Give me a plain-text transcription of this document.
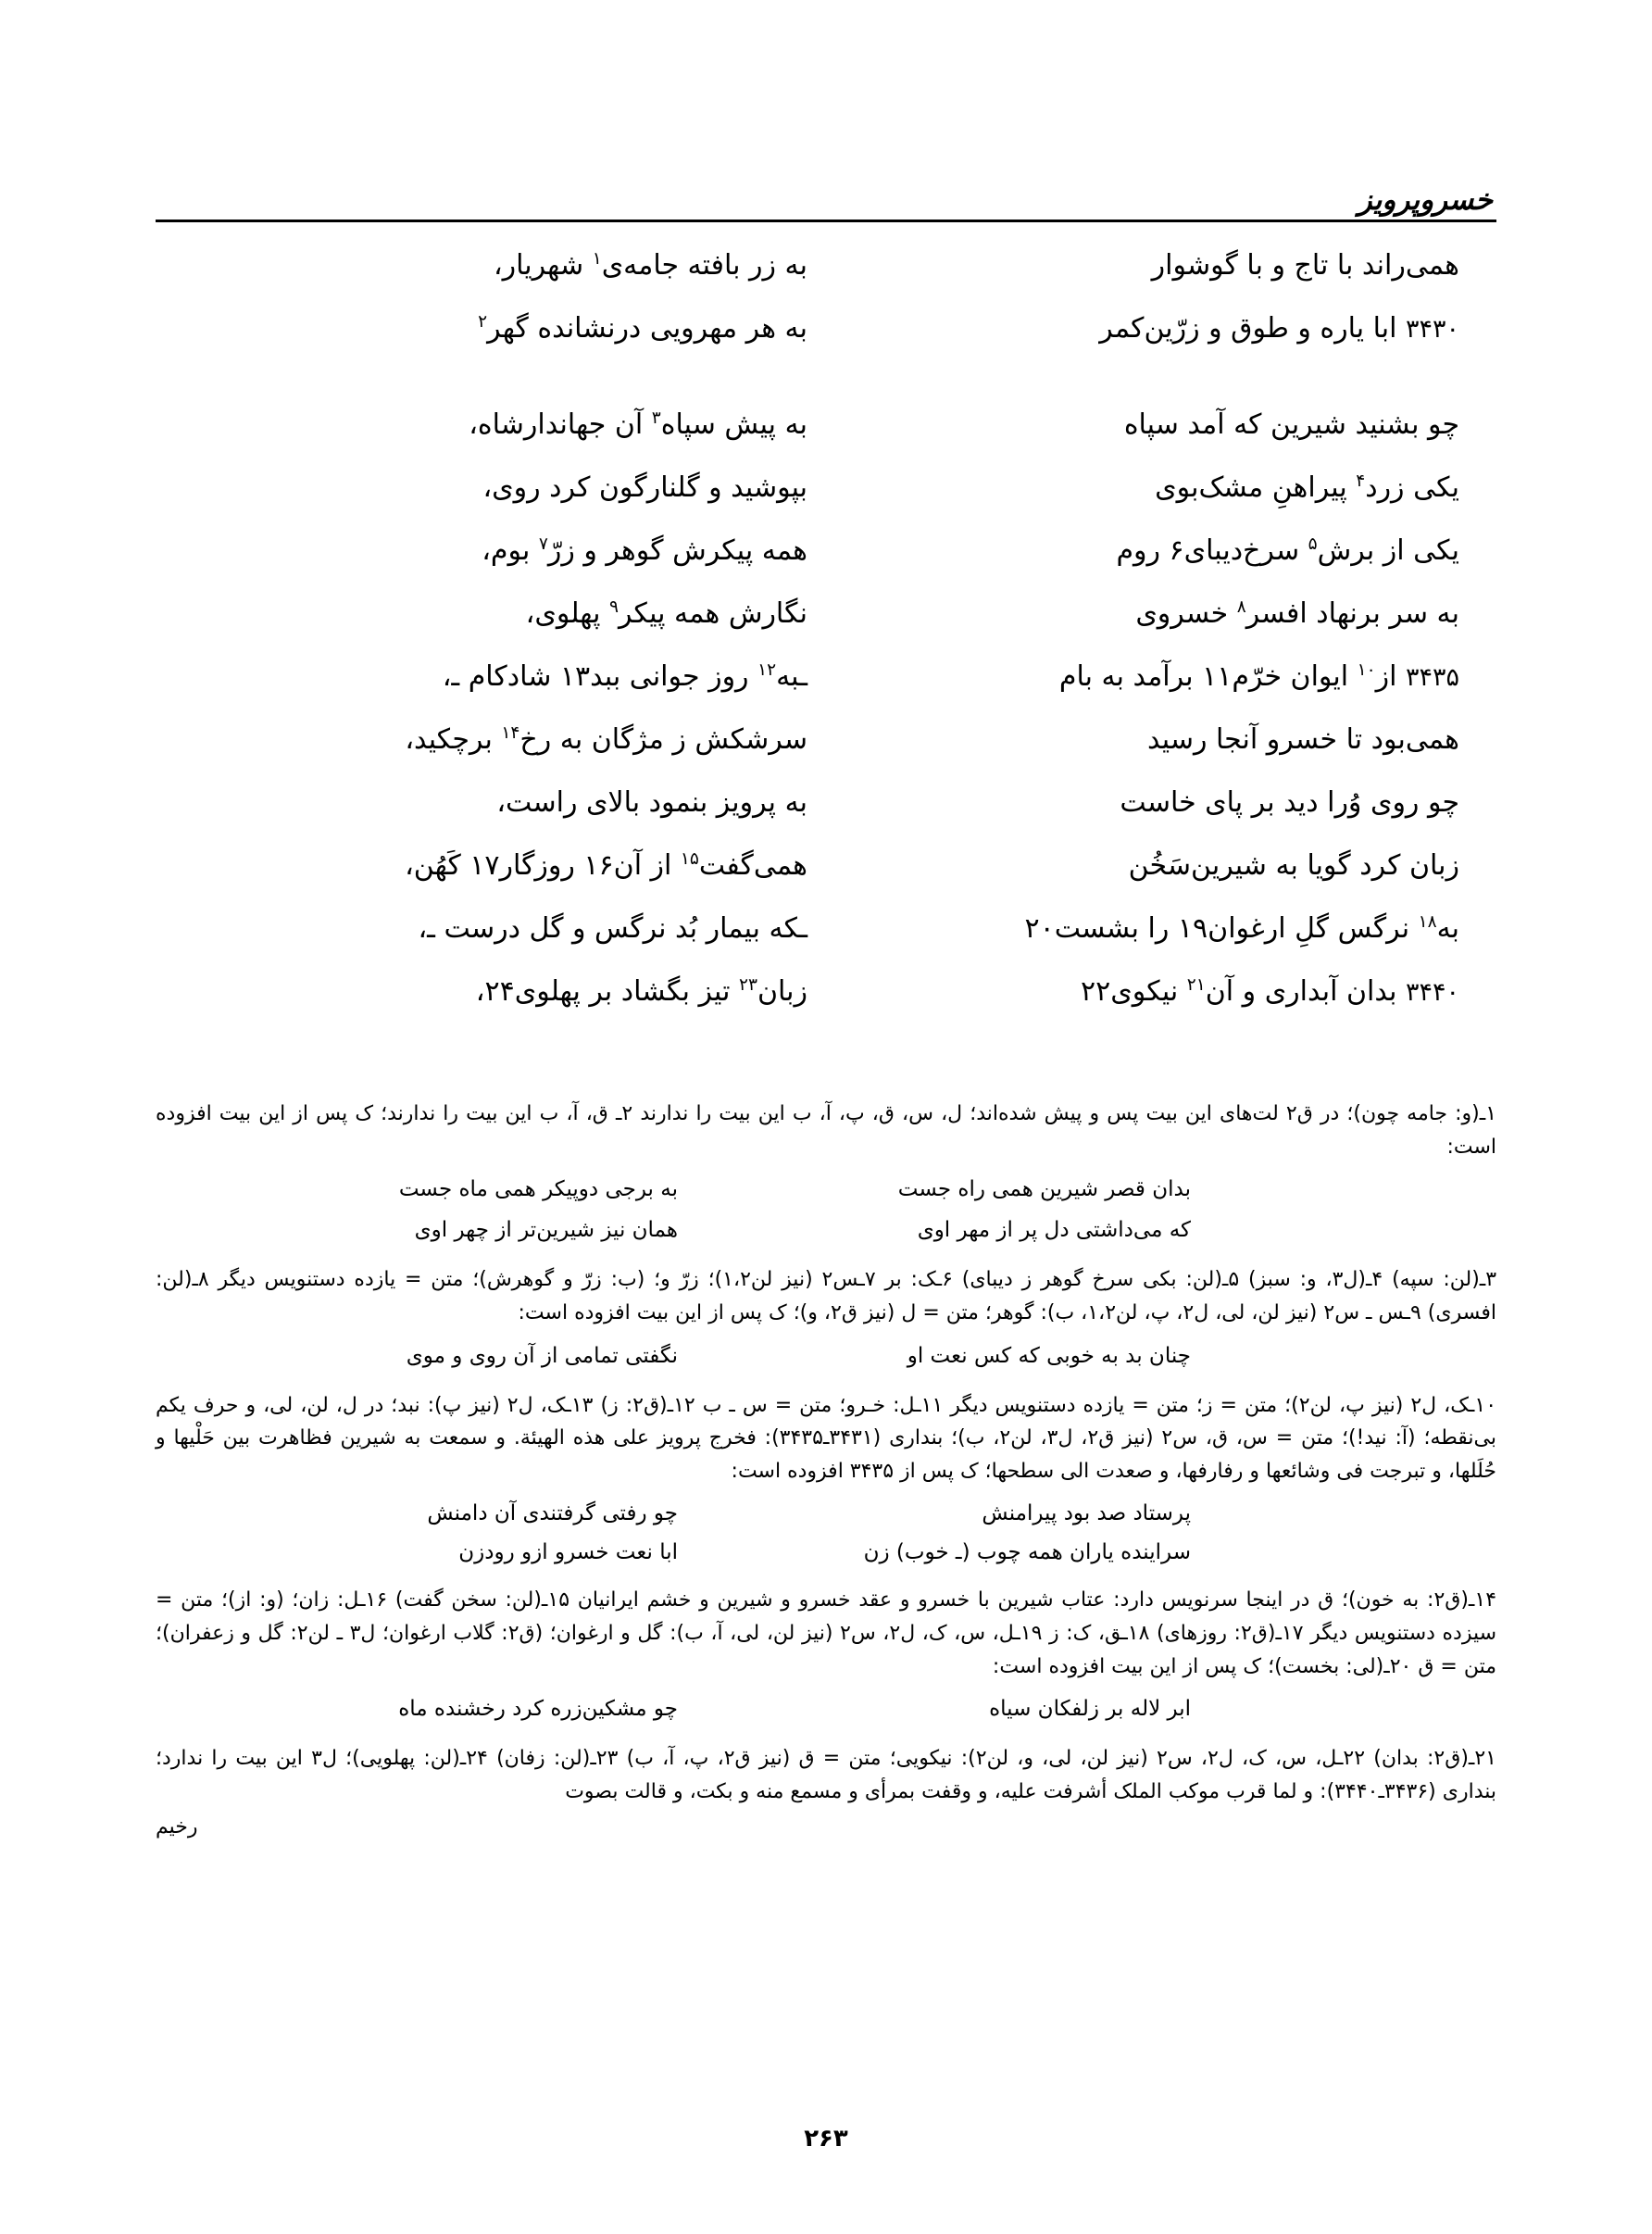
خسروپرویز
همی‌راند با تاج و با گوشوار
به زر بافته جامه‌ی$^۱$ شهریار،
۳۴۳۰ ابا یاره و طوق و زرّین‌کمر
به هر مهرویی درنشانده گهر$^۲$
چو بشنید شیرین که آمد سپاه
به پیش سپاه$^۳$ آن جهاندارشاه،
یکی زرد$^۴$ پیراهنِ مشک‌بوی
بپوشید و گلنارگون کرد روی،
یکی از برش$^۵$ سرخ‌دیبای۶ روم
همه پیکرش گوهر و زرّ$^۷$ بوم،
به سر برنهاد افسر$^۸$ خسروی
نگارش همه پیکر$^۹$ پهلوی،
۳۴۳۵ از$^{۱۰}$ ایوان خرّم۱۱ برآمد به بام
ـبه$^{۱۲}$ روز جوانی ببد۱۳ شادکام ـ،
همی‌بود تا خسرو آنجا رسید
سرشکش ز مژگان به رخ$^{۱۴}$ برچکید،
چو روی وُرا دید بر پای خاست
به پرویز بنمود بالای راست،
زبان کرد گویا به شیرین‌سَخُن
همی‌گفت$^{۱۵}$ از آن۱۶ روزگار۱۷ کَهُن،
به$^{۱۸}$ نرگس گلِ ارغوان۱۹ را بشست۲۰
ـکه بیمار بُد نرگس و گل درست ـ،
۳۴۴۰ بدان آبداری و آن$^{۲۱}$ نیکوی۲۲
زبان$^{۲۳}$ تیز بگشاد بر پهلوی۲۴،

۱ـ(و: جامه چون)؛ در ق۲ لت‌های این بیت پس و پیش شده‌اند؛ ل، س، ق، پ، آ، ب این بیت را ندارند ۲ـ ق، آ، ب این بیت را ندارند؛ ک پس از این بیت افزوده است:

بدان قصر شیرین همی راه جست
به برجی دوپیکر همی ماه جست
که می‌داشتی دل پر از مهر اوی
همان نیز شیرین‌تر از چهر اوی

۳ـ(لن: سپه) ۴ـ(ل۳، و: سبز) ۵ـ(لن: بکی سرخ گوهر ز دیبای) ۶ـک: بر ۷ـس۲ (نیز لن۱،۲)؛ زرّ و؛ (ب: زرّ و گوهرش)؛ متن = یازده دستنویس دیگر ۸ـ(لن: افسری) ۹ـس ـ س۲ (نیز لن، لی، ل۲، پ، لن۱،۲، ب): گوهر؛ متن = ل (نیز ق۲، و)؛ ک پس از این بیت افزوده است:

چنان بد به خوبی که کس نعت او
نگفتی تمامی از آن روی و موی

۱۰ـک، ل۲ (نیز پ، لن۲)؛ متن = ز؛ متن = یازده دستنویس دیگر ۱۱ـل: خـرو؛ متن = س ـ ب ۱۲ـ(ق۲: ز) ۱۳ـک، ل۲ (نیز پ): نبد؛ در ل، لن، لی، و حرف یکم بی‌نقطه؛ (آ: نید!)؛ متن = س، ق، س۲ (نیز ق۲، ل۳، لن۲، ب)؛ بنداری (۳۴۳۱ـ۳۴۳۵): فخرج پرویز علی هذه الهیئة. و سمعت به شیرین فظاهرت بین حَلْیها و حُلَلها، و تبرجت فی وشائعها و رفارفها، و صعدت الی سطحها؛ ک پس از ۳۴۳۵ افزوده است:

پرستاد صد بود پیرامنش
چو رفتی گرفتندی آن دامنش
سراینده یاران همه چوب (ـ خوب) زن
ابا نعت خسرو ازو رودزن

۱۴ـ(ق۲: به خون)؛ ق در اینجا سرنویس دارد: عتاب شیرین با خسرو و عقد خسرو و شیرین و خشم ایرانیان ۱۵ـ(لن: سخن گفت) ۱۶ـل: زان؛ (و: از)؛ متن = سیزده دستنویس دیگر ۱۷ـ(ق۲: روزهای) ۱۸ـق، ک: ز ۱۹ـل، س، ک، ل۲، س۲ (نیز لن، لی، آ، ب): گل و ارغوان؛ (ق۲: گلاب ارغوان؛ ل۳ ـ لن۲: گل و زعفران)؛ متن = ق ۲۰ـ(لی: بخست)؛ ک پس از این بیت افزوده است:

ابر لاله بر زلفکان سیاه
چو مشکین‌زره کرد رخشنده ماه

۲۱ـ(ق۲: بدان) ۲۲ـل، س، ک، ل۲، س۲ (نیز لن، لی، و، لن۲): نیکویی؛ متن = ق (نیز ق۲، پ، آ، ب) ۲۳ـ(لن: زفان) ۲۴ـ(لن: پهلویی)؛ ل۳ این بیت را ندارد؛ بنداری (۳۴۳۶ـ۳۴۴۰): و لما قرب موکب الملک أشرفت علیه، و وقفت بمرأی و مسمع منه و بکت، و قالت بصوت

رخیم

۲۶۳
